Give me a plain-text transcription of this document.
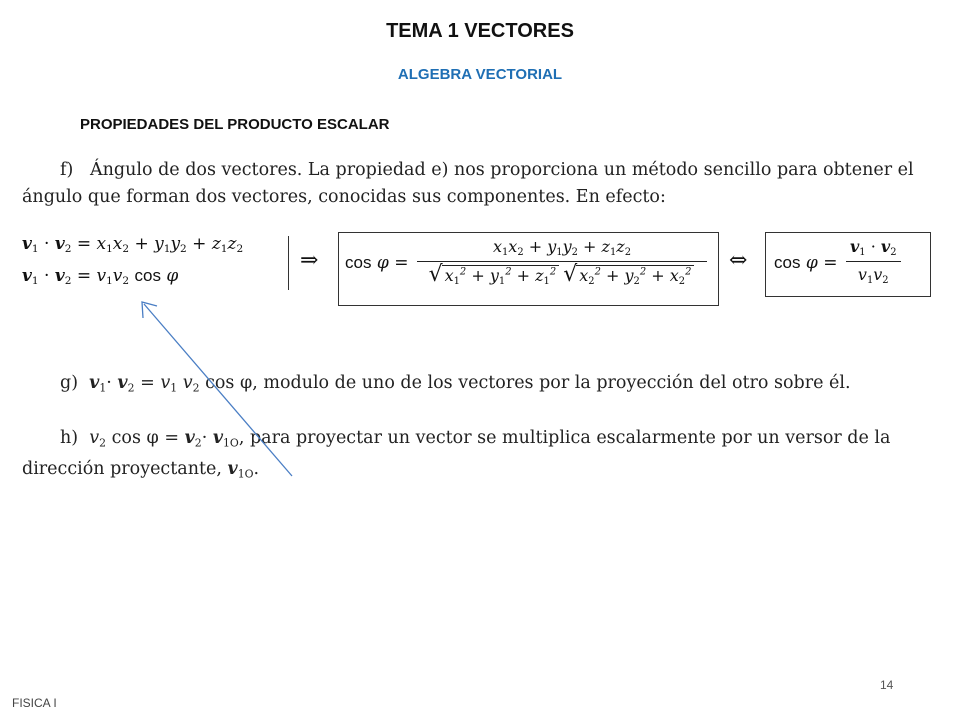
TEMA 1 VECTORES
ALGEBRA VECTORIAL
PROPIEDADES DEL PRODUCTO ESCALAR
f) Ángulo de dos vectores. La propiedad e) nos proporciona un método sencillo para obtener el ángulo que forman dos vectores, conocidas sus componentes. En efecto:
$v_1 \cdot v_2 = x_1x_2 + y_1y_2 + z_1z_2$
$v_1 \cdot v_2 = v_1v_2$ cos φ
⇒ $\cos \varphi = x_1x_2 + y_1y_2 + z_1z_2$
√ $x_1^2 + y_1^2 + z_1^2$ √ $x_2^2 + y_2^2 + x_2^2$ ⇔ $\cos \varphi = \frac{v_1 \cdot v_2}{v_1v_2}$
g) $v_1\cdot v_2 = v_1$ $v_2$ cos φ, modulo de uno de los vectores por la proyección del otro sobre él.
h) $v_2$ $\cos \varphi = v_2\cdot v_{1O}$, para proyectar un vector se multiplica escalarmente por un versor de la dirección proyectante, $v_{1O}$.
FISICA I
14
